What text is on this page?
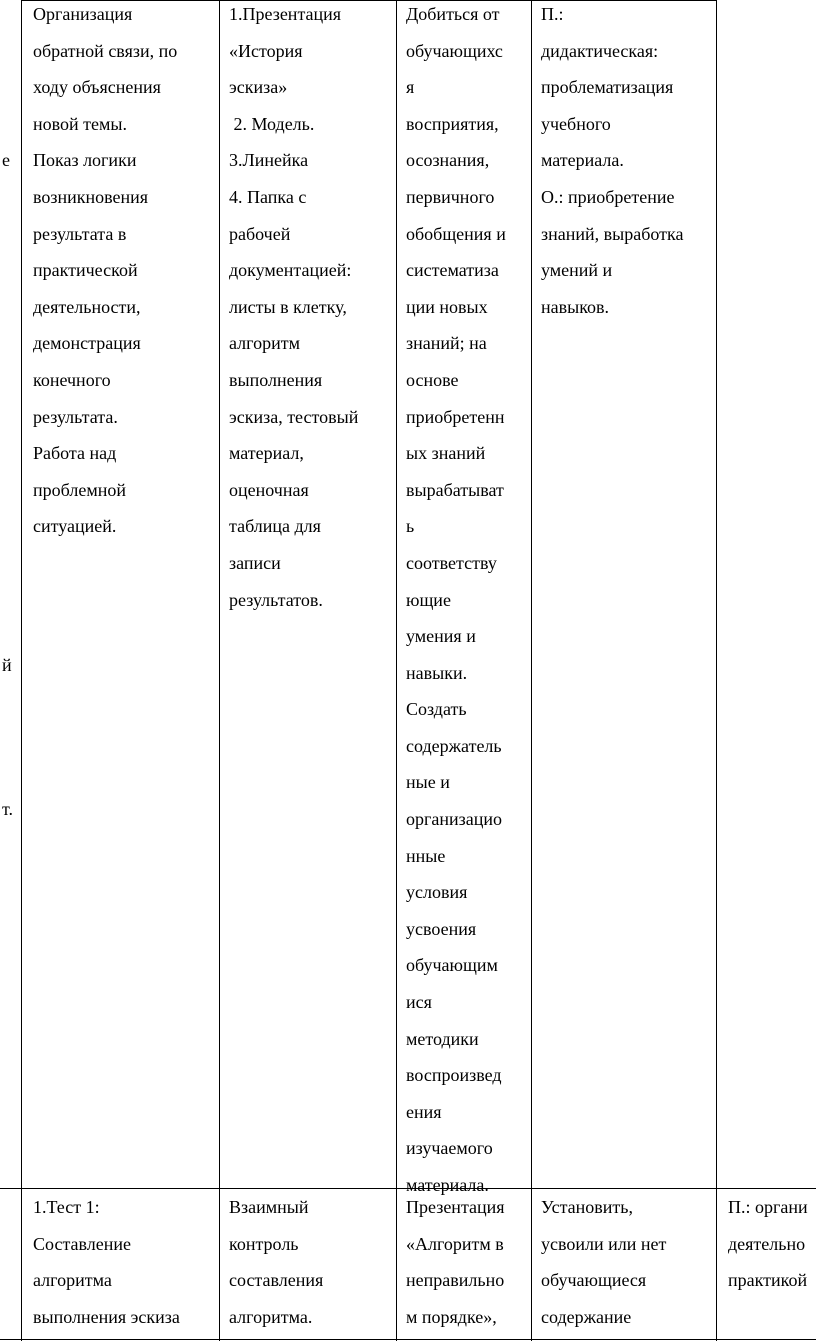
е
й
т.
Организация
обратной связи, по
ходу объяснения
новой темы.
Показ логики
возникновения
результата в
практической
деятельности,
демонстрация
конечного
результата.
Работа над
проблемной
ситуацией.
1.Презентация
«История
эскиза»
2. Модель.
3.Линейка
4. Папка с
рабочей
документацией:
листы в клетку,
алгоритм
выполнения
эскиза, тестовый
материал,
оценочная
таблица для
записи
результатов.
Добиться от
обучающихс
я
восприятия,
осознания,
первичного
обобщения и
систематиза
ции новых
знаний; на
основе
приобретенн
ых знаний
вырабатыват
ь
соответству
ющие
умения и
навыки.
Создать
содержатель
ные и
организацио
нные
условия
усвоения
обучающим
ися
методики
воспроизвед
ения
изучаемого
материала.
П.:
дидактическая:
проблематизация
учебного
материала.
О.: приобретение
знаний, выработка
умений и
навыков.
1.Тест 1:
Составление
алгоритма
выполнения эскиза
Взаимный
контроль
составления
алгоритма.
Презентация
«Алгоритм в
неправильно
м порядке»,
Установить,
усвоили или нет
обучающиеся
содержание
П.: органи
деятельно
практикой
